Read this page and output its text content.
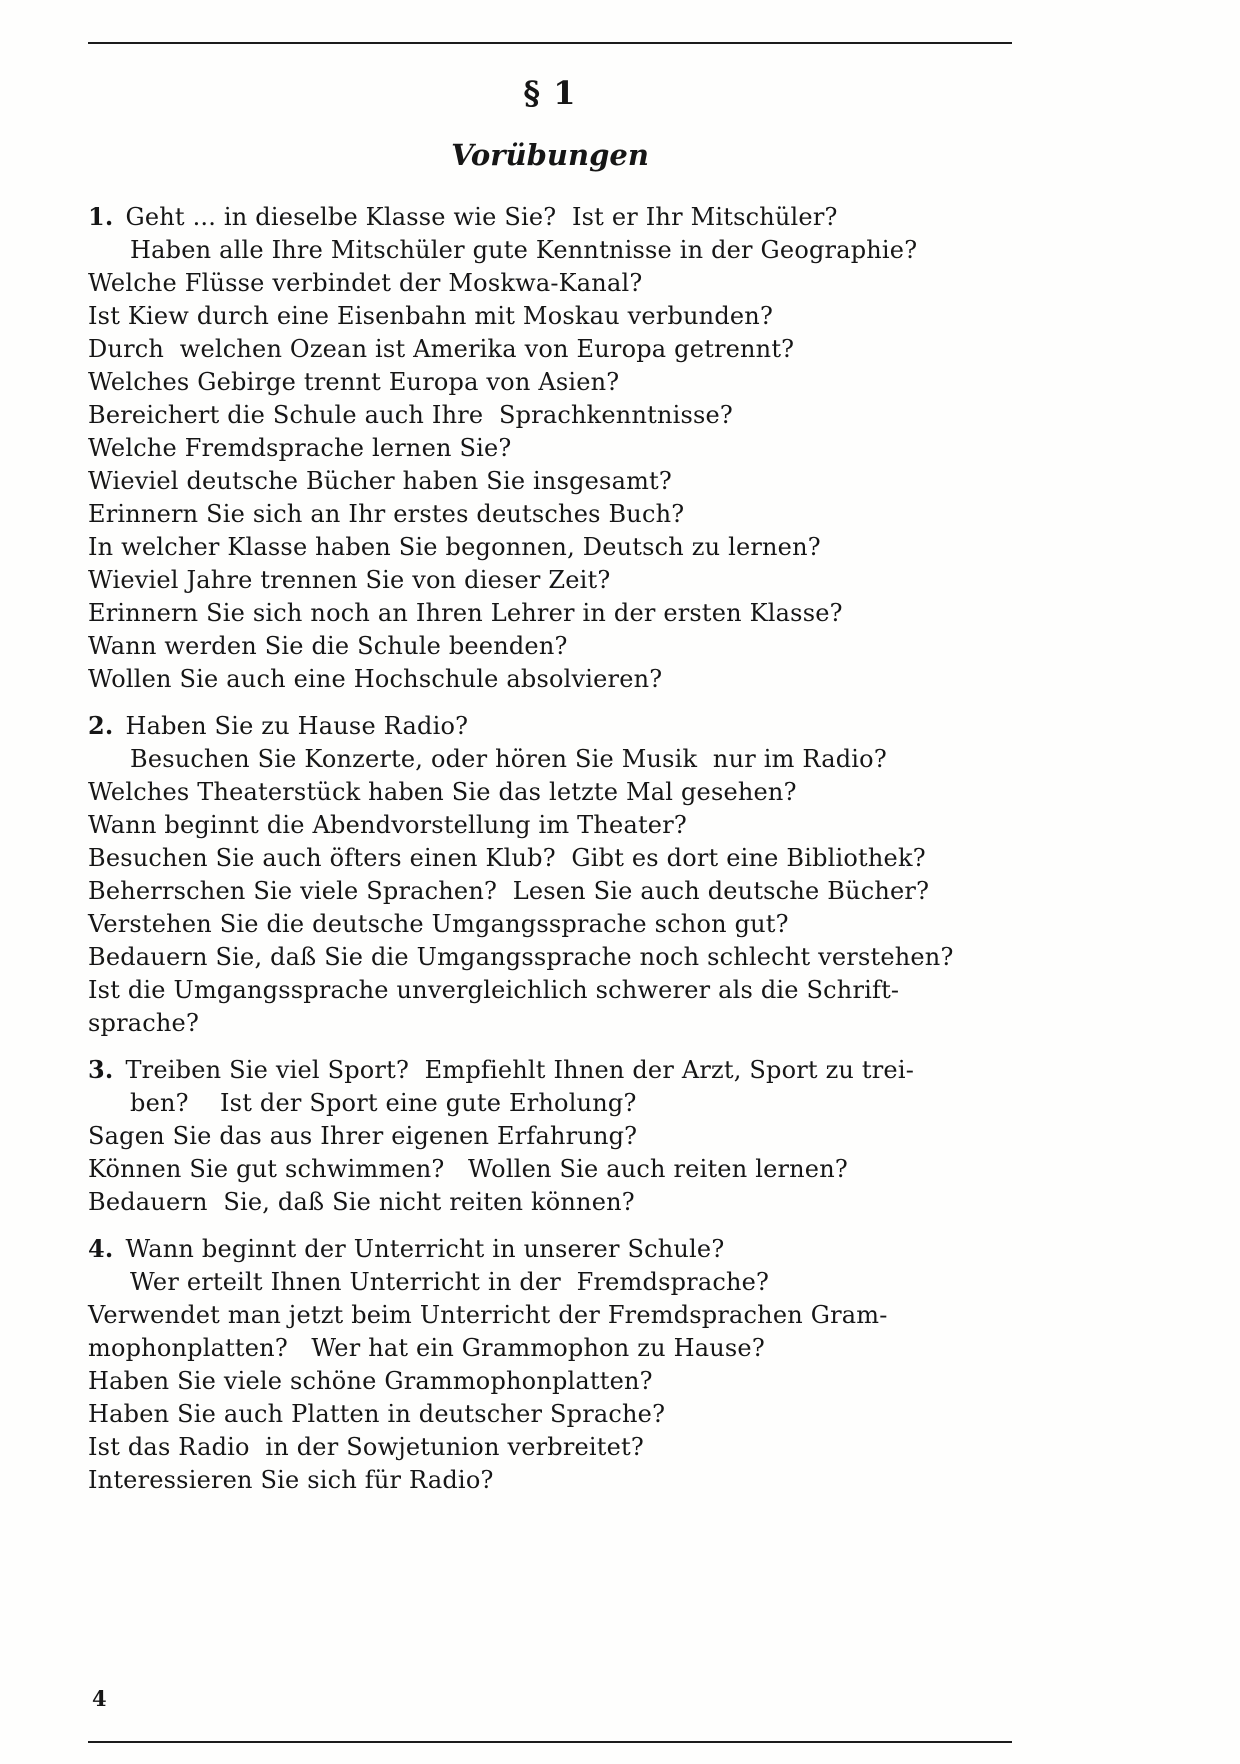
§ 1
Vorübungen
1. Geht ... in dieselbe Klasse wie Sie?  Ist er Ihr Mitschüler?
Haben alle Ihre Mitschüler gute Kenntnisse in der Geographie?
Welche Flüsse verbindet der Moskwa-Kanal?
Ist Kiew durch eine Eisenbahn mit Moskau verbunden?
Durch  welchen Ozean ist Amerika von Europa getrennt?
Welches Gebirge trennt Europa von Asien?
Bereichert die Schule auch Ihre  Sprachkenntnisse?
Welche Fremdsprache lernen Sie?
Wieviel deutsche Bücher haben Sie insgesamt?
Erinnern Sie sich an Ihr erstes deutsches Buch?
In welcher Klasse haben Sie begonnen, Deutsch zu lernen?
Wieviel Jahre trennen Sie von dieser Zeit?
Erinnern Sie sich noch an Ihren Lehrer in der ersten Klasse?
Wann werden Sie die Schule beenden?
Wollen Sie auch eine Hochschule absolvieren?
2. Haben Sie zu Hause Radio?
Besuchen Sie Konzerte, oder hören Sie Musik  nur im Radio?
Welches Theaterstück haben Sie das letzte Mal gesehen?
Wann beginnt die Abendvorstellung im Theater?
Besuchen Sie auch öfters einen Klub?  Gibt es dort eine Bibliothek?
Beherrschen Sie viele Sprachen?  Lesen Sie auch deutsche Bücher?
Verstehen Sie die deutsche Umgangssprache schon gut?
Bedauern Sie, daß Sie die Umgangssprache noch schlecht verstehen?
Ist die Umgangssprache unvergleichlich schwerer als die Schrift-
sprache?
3. Treiben Sie viel Sport?  Empfiehlt Ihnen der Arzt, Sport zu trei-
ben?    Ist der Sport eine gute Erholung?
Sagen Sie das aus Ihrer eigenen Erfahrung?
Können Sie gut schwimmen?   Wollen Sie auch reiten lernen?
Bedauern  Sie, daß Sie nicht reiten können?
4. Wann beginnt der Unterricht in unserer Schule?
Wer erteilt Ihnen Unterricht in der  Fremdsprache?
Verwendet man jetzt beim Unterricht der Fremdsprachen Gram-
mophonplatten?   Wer hat ein Grammophon zu Hause?
Haben Sie viele schöne Grammophonplatten?
Haben Sie auch Platten in deutscher Sprache?
Ist das Radio  in der Sowjetunion verbreitet?
Interessieren Sie sich für Radio?
4
